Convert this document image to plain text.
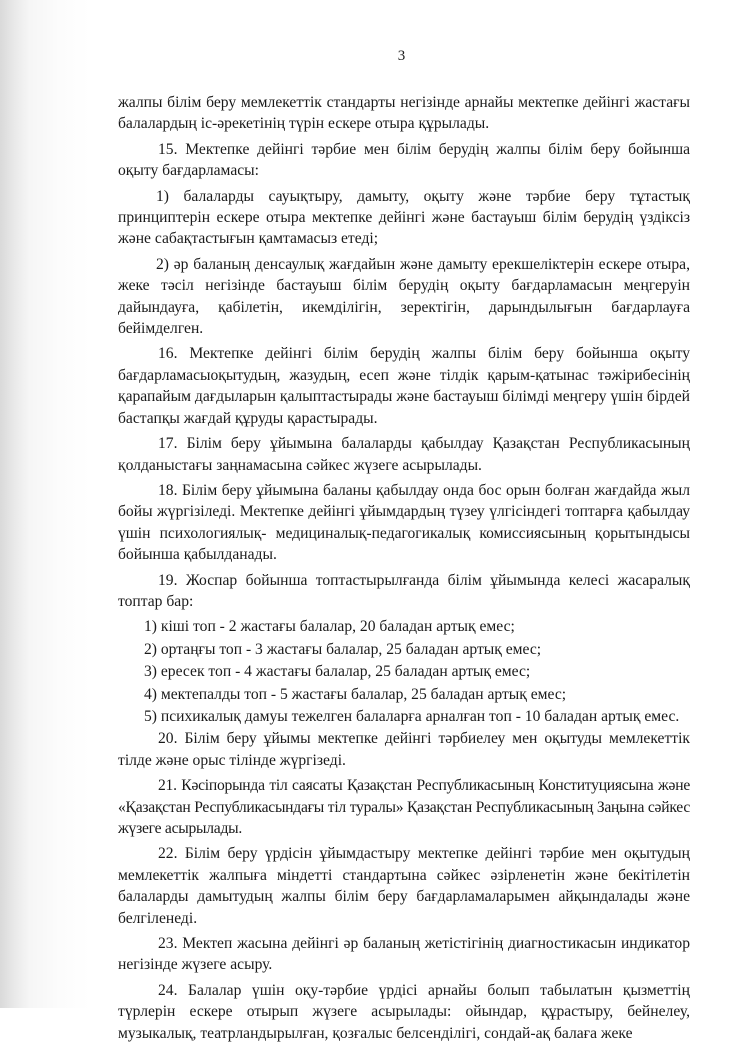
3

жалпы білім беру мемлекеттік стандарты негізінде арнайы мектепке дейінгі жастағы балалардың іс-әрекетінің түрін ескере отыра құрылады.

15. Мектепке дейінгі тәрбие мен білім берудің жалпы білім беру бойынша оқыту бағдарламасы:

1) балаларды сауықтыру, дамыту, оқыту және тәрбие беру тұтастық принциптерін ескере отыра мектепке дейінгі және бастауыш білім берудің үздіксіз және сабақтастығын қамтамасыз етеді;

2) әр баланың денсаулық жағдайын және дамыту ерекшеліктерін ескере отыра, жеке тәсіл негізінде бастауыш білім берудің оқыту бағдарламасын меңгеруін дайындауға, қабілетін, икемділігін, зеректігін, дарындылығын бағдарлауға бейімделген.

16. Мектепке дейінгі білім берудің жалпы білім беру бойынша оқыту бағдарламасыоқытудың, жазудың, есеп және тілдік қарым-қатынас тәжірибесінің қарапайым дағдыларын қалыптастырады және бастауыш білімді меңгеру үшін бірдей бастапқы жағдай құруды қарастырады.

17. Білім беру ұйымына балаларды қабылдау Қазақстан Республикасының қолданыстағы заңнамасына сәйкес жүзеге асырылады.

18. Білім беру ұйымына баланы қабылдау онда бос орын болған жағдайда жыл бойы жүргізіледі. Мектепке дейінгі ұйымдардың түзеу үлгісіндегі топтарға қабылдау үшін психологиялық- медициналық-педагогикалық комиссиясының қорытындысы бойынша қабылданады.

19. Жоспар бойынша топтастырылғанда білім ұйымында келесі жасаралық топтар бар:

1) кіші топ - 2 жастағы балалар, 20 баладан артық емес;

2) ортаңғы топ - 3 жастағы балалар, 25 баладан артық емес;

3) ересек топ - 4 жастағы балалар, 25 баладан артық емес;

4) мектепалды топ - 5 жастағы балалар, 25 баладан артық емес;

5) психикалық дамуы тежелген балаларға арналған топ - 10 баладан артық емес.

20. Білім беру ұйымы мектепке дейінгі тәрбиелеу мен оқытуды мемлекеттік тілде және орыс тілінде жүргізеді.

21. Кәсіпорында тіл саясаты Қазақстан Республикасының Конституциясына және «Қазақстан Республикасындағы тіл туралы» Қазақстан Республикасының Заңына сәйкес жүзеге асырылады.

22. Білім беру үрдісін ұйымдастыру мектепке дейінгі тәрбие мен оқытудың мемлекеттік жалпыға міндетті стандартына сәйкес әзірленетін және бекітілетін балаларды дамытудың жалпы білім беру бағдарламаларымен айқындалады және белгіленеді.

23. Мектеп жасына дейінгі әр баланың жетістігінің диагностикасын индикатор негізінде жүзеге асыру.

24. Балалар үшін оқу-тәрбие үрдісі арнайы болып табылатын қызметтің түрлерін ескере отырып жүзеге асырылады: ойындар, құрастыру, бейнелеу, музыкалық, театрландырылған, қозғалыс белсенділігі, сондай-ақ балаға жеке
